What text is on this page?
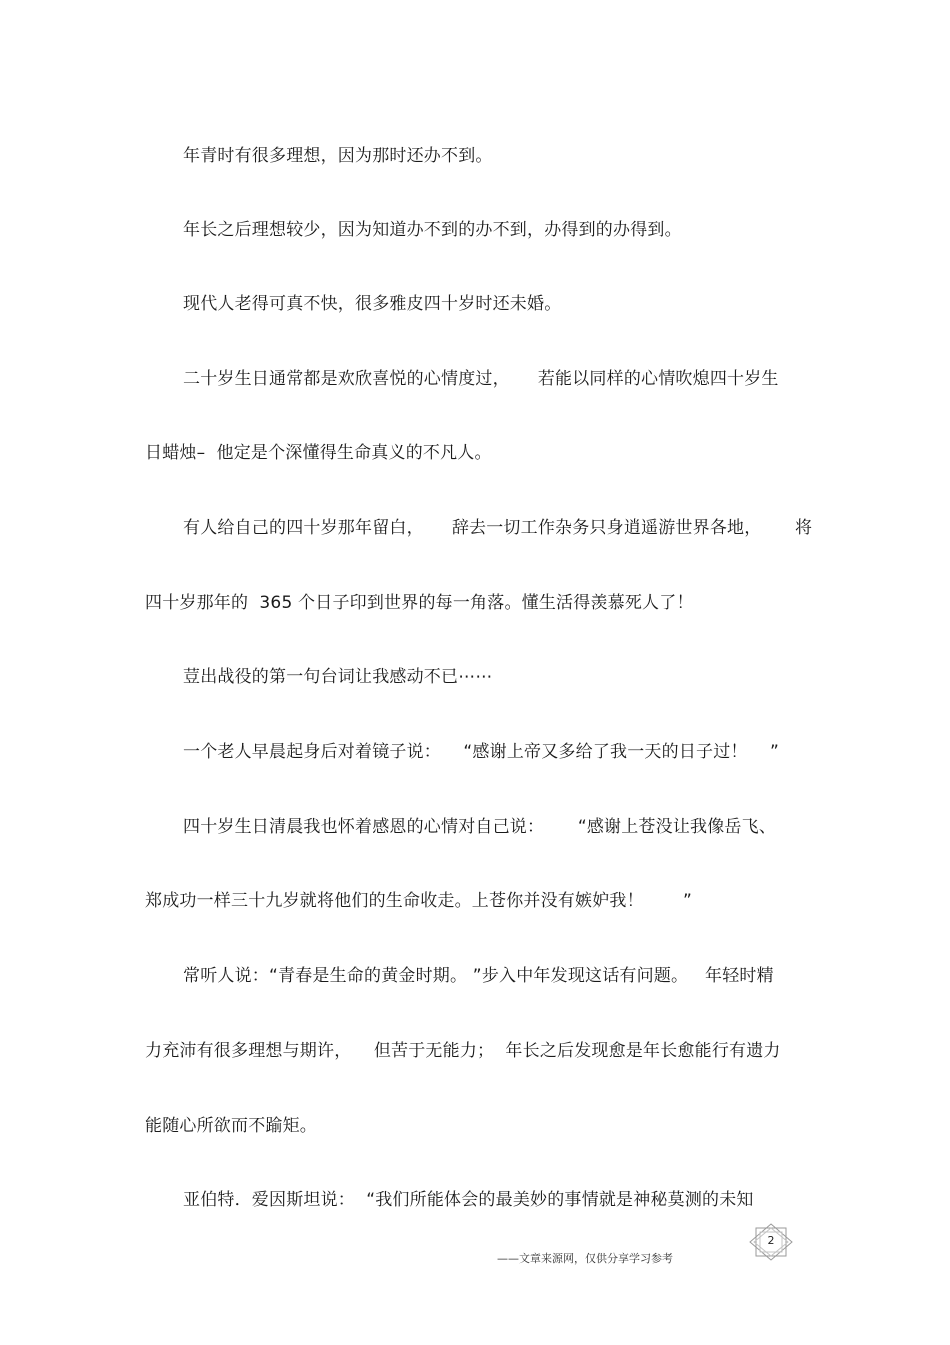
年青时有很多理想，因为那时还办不到。
年长之后理想较少，因为知道办不到的办不到，办得到的办得到。
现代人老得可真不快，很多雅皮四十岁时还未婚。
二十岁生日通常都是欢欣喜悦的心情度过，     若能以同样的心情吹熄四十岁生
日蜡烛–  他定是个深懂得生命真义的不凡人。
有人给自己的四十岁那年留白，     辞去一切工作杂务只身逍遥游世界各地，      将
四十岁那年的  365 个日子印到世界的每一角落。懂生活得羡慕死人了！
荳出战役的第一句台词让我感动不已⋯⋯
一个老人早晨起身后对着镜子说：    “感谢上帝又多给了我一天的日子过！    ”
四十岁生日清晨我也怀着感恩的心情对自己说：      “感谢上苍没让我像岳飞、
郑成功一样三十九岁就将他们的生命收走。上苍你并没有嫉妒我！       ”
常听人说：“青春是生命的黄金时期。 ”步入中年发现这话有问题。   年轻时精
力充沛有很多理想与期许，    但苦于无能力；  年长之后发现愈是年长愈能行有遗力
能随心所欲而不踰矩。
亚伯特．爱因斯坦说：  “我们所能体会的最美妙的事情就是神秘莫测的未知
2
——文章来源网，仅供分享学习参考
